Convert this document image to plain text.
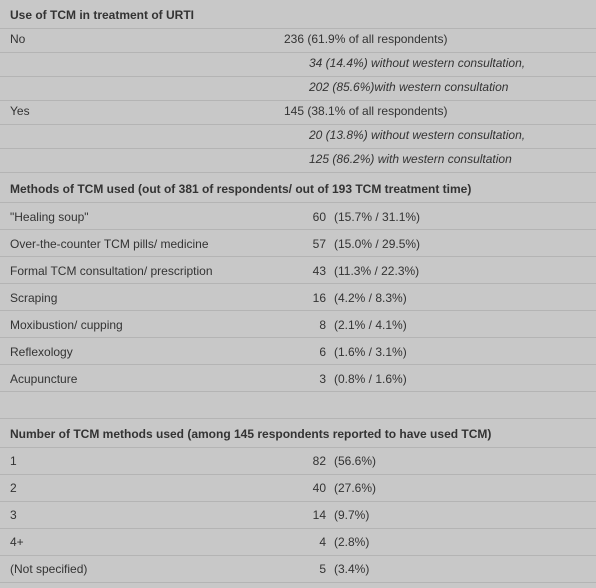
Use of TCM in treatment of URTI
No	236 (61.9% of all respondents)
34 (14.4%) without western consultation,
202 (85.6%)with western consultation
Yes	145 (38.1% of all respondents)
20 (13.8%) without western consultation,
125 (86.2%) with western consultation
Methods of TCM used (out of 381 of respondents/ out of 193 TCM treatment time)
"Healing soup"	60 (15.7% / 31.1%)
Over-the-counter TCM pills/ medicine	57 (15.0% / 29.5%)
Formal TCM consultation/ prescription	43 (11.3% / 22.3%)
Scraping	16 (4.2% / 8.3%)
Moxibustion/ cupping	8 (2.1% / 4.1%)
Reflexology	6 (1.6% / 3.1%)
Acupuncture	3 (0.8% / 1.6%)
Number of TCM methods used (among 145 respondents reported to have used TCM)
1	82 (56.6%)
2	40 (27.6%)
3	14 (9.7%)
4+	4 (2.8%)
(Not specified)	5 (3.4%)
